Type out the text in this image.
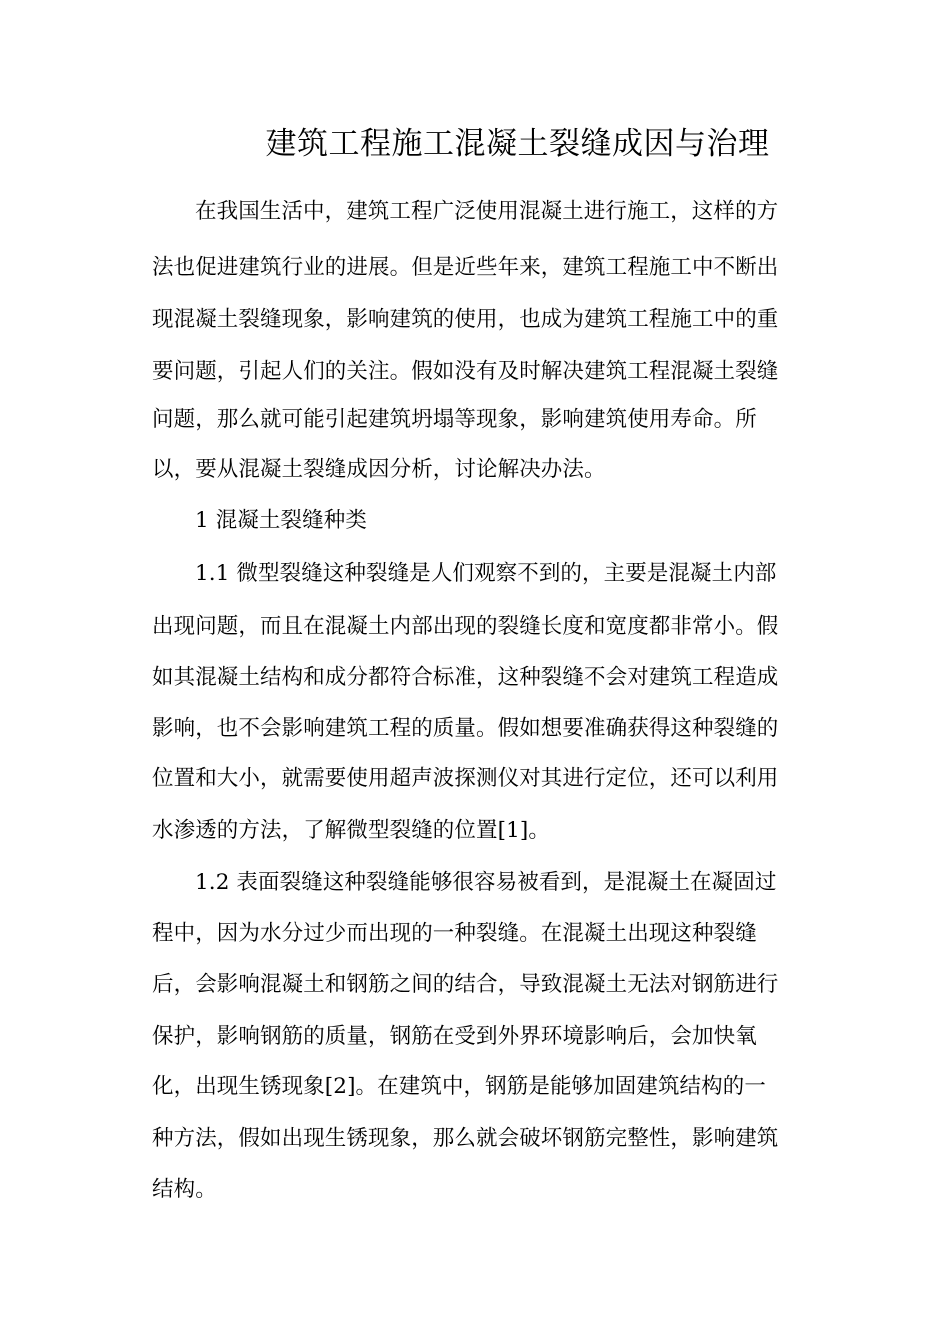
建筑工程施工混凝土裂缝成因与治理
在我国生活中，建筑工程广泛使用混凝土进行施工，这样的方
法也促进建筑行业的进展。但是近些年来，建筑工程施工中不断出
现混凝土裂缝现象，影响建筑的使用，也成为建筑工程施工中的重
要问题，引起人们的关注。假如没有及时解决建筑工程混凝土裂缝
问题，那么就可能引起建筑坍塌等现象，影响建筑使用寿命。所
以，要从混凝土裂缝成因分析，讨论解决办法。
1 混凝土裂缝种类
1.1 微型裂缝这种裂缝是人们观察不到的，主要是混凝土内部
出现问题，而且在混凝土内部出现的裂缝长度和宽度都非常小。假
如其混凝土结构和成分都符合标准，这种裂缝不会对建筑工程造成
影响，也不会影响建筑工程的质量。假如想要准确获得这种裂缝的
位置和大小，就需要使用超声波探测仪对其进行定位，还可以利用
水渗透的方法，了解微型裂缝的位置[1]。
1.2 表面裂缝这种裂缝能够很容易被看到，是混凝土在凝固过
程中，因为水分过少而出现的一种裂缝。在混凝土出现这种裂缝
后，会影响混凝土和钢筋之间的结合，导致混凝土无法对钢筋进行
保护，影响钢筋的质量，钢筋在受到外界环境影响后，会加快氧
化，出现生锈现象[2]。在建筑中，钢筋是能够加固建筑结构的一
种方法，假如出现生锈现象，那么就会破坏钢筋完整性，影响建筑
结构。
